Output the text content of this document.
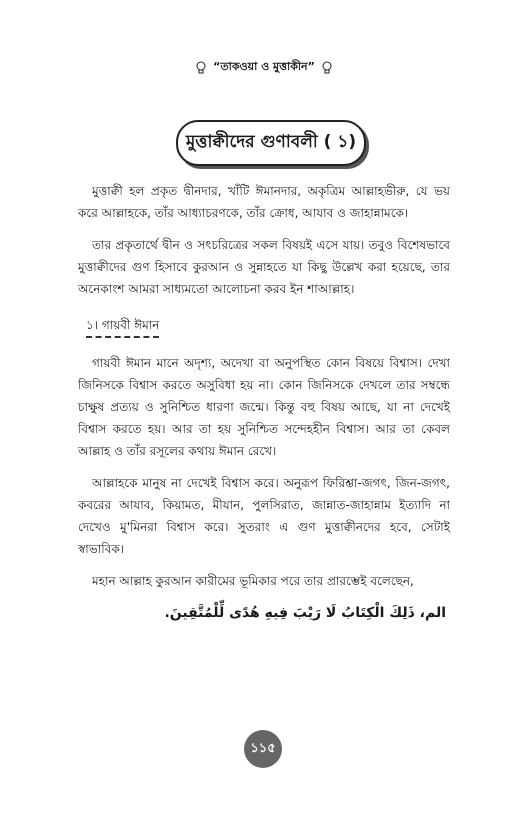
“তাকওয়া ও মুত্তাকীন”
মুত্তাক্বীদের গুণাবলী ( ১)

মুত্তাক্বী হল প্রকৃত দ্বীনদার, খাঁটি ঈমানদার, অকৃত্রিম আল্লাহভীরু, যে ভয় করে আল্লাহকে, তাঁর আধ্যাচরণকে, তাঁর ক্রোধ, আযাব ও জাহান্নামকে।

তার প্রকৃতার্থে দ্বীন ও সৎচরিত্রের সকল বিষয়ই এসে যায়। তবুও বিশেষভাবে মুত্তাক্বীদের গুণ হিসাবে কুরআন ও সুন্নাহতে যা কিছু উল্লেখ করা হয়েছে, তার অনেকাংশ আমরা সাধ্যমতো আলোচনা করব ইন শাআল্লাহ।

১। গায়বী ঈমান

গায়বী ঈমান মানে অদৃশ্য, অদেখা বা অনুপস্থিত কোন বিষয়ে বিশ্বাস। দেখা জিনিসকে বিশ্বাস করতে অসুবিধা হয় না। কোন জিনিসকে দেখলে তার সম্বন্ধে চাক্ষুষ প্রত্যয় ও সুনিশ্চিত ধারণা জন্মে। কিন্তু বহু বিষয় আছে, যা না দেখেই বিশ্বাস করতে হয়। আর তা হয় সুনিশ্চিত সন্দেহহীন বিশ্বাস। আর তা কেবল আল্লাহ ও তাঁর রসূলের কথায় ঈমান রেখে।

আল্লাহকে মানুষ না দেখেই বিশ্বাস করে। অনুরূপ ফিরিশ্তা-জগৎ, জিন-জগৎ, কবরের আযাব, কিয়ামত, মীযান, পুলসিরাত, জান্নাত-জাহান্নাম ইত্যাদি না দেখেও মু'মিনরা বিশ্বাস করে। সুতরাং এ গুণ মুত্তাক্বীনদের হবে, সেটাই স্বাভাবিক।

মহান আল্লাহ কুরআন কারীমের ভূমিকার পরে তার প্রারম্ভেই বলেছেন,

الم، ذَلِكَ الْكِتَابُ لَا رَيْبَ فِيهِ هُدًى لِّلْمُتَّقِينَ.
১১৫
